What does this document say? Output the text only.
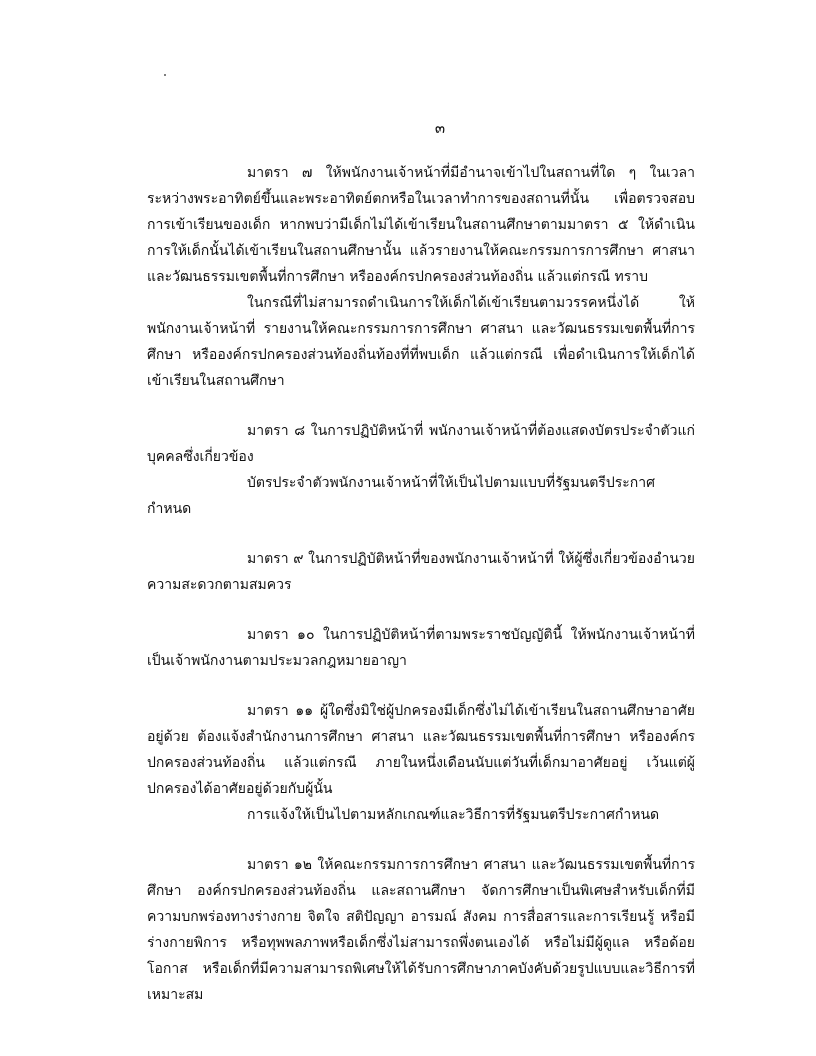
๓

มาตรา ๗ ให้พนักงานเจ้าหน้าที่มีอำนาจเข้าไปในสถานที่ใด ๆ ในเวลาระหว่างพระอาทิตย์ขึ้นและพระอาทิตย์ตกหรือในเวลาทำการของสถานที่นั้น เพื่อตรวจสอบการเข้าเรียนของเด็ก หากพบว่ามีเด็กไม่ได้เข้าเรียนในสถานศึกษาตามมาตรา ๕ ให้ดำเนินการให้เด็กนั้นได้เข้าเรียนในสถานศึกษานั้น แล้วรายงานให้คณะกรรมการการศึกษา ศาสนา และวัฒนธรรมเขตพื้นที่การศึกษา หรือองค์กรปกครองส่วนท้องถิ่น แล้วแต่กรณี ทราบ

ในกรณีที่ไม่สามารถดำเนินการให้เด็กได้เข้าเรียนตามวรรคหนึ่งได้ ให้พนักงานเจ้าหน้าที่ รายงานให้คณะกรรมการการศึกษา ศาสนา และวัฒนธรรมเขตพื้นที่การศึกษา หรือองค์กรปกครองส่วนท้องถิ่นท้องที่ที่พบเด็ก แล้วแต่กรณี เพื่อดำเนินการให้เด็กได้เข้าเรียนในสถานศึกษา

มาตรา ๘ ในการปฏิบัติหน้าที่ พนักงานเจ้าหน้าที่ต้องแสดงบัตรประจำตัวแก่บุคคลซึ่งเกี่ยวข้อง

บัตรประจำตัวพนักงานเจ้าหน้าที่ให้เป็นไปตามแบบที่รัฐมนตรีประกาศกำหนด

มาตรา ๙ ในการปฏิบัติหน้าที่ของพนักงานเจ้าหน้าที่ ให้ผู้ซึ่งเกี่ยวข้องอำนวยความสะดวกตามสมควร

มาตรา ๑๐ ในการปฏิบัติหน้าที่ตามพระราชบัญญัตินี้ ให้พนักงานเจ้าหน้าที่เป็นเจ้าพนักงานตามประมวลกฎหมายอาญา

มาตรา ๑๑ ผู้ใดซึ่งมิใช่ผู้ปกครองมีเด็กซึ่งไม่ได้เข้าเรียนในสถานศึกษาอาศัยอยู่ด้วย ต้องแจ้งสำนักงานการศึกษา ศาสนา และวัฒนธรรมเขตพื้นที่การศึกษา หรือองค์กรปกครองส่วนท้องถิ่น แล้วแต่กรณี ภายในหนึ่งเดือนนับแต่วันที่เด็กมาอาศัยอยู่ เว้นแต่ผู้ปกครองได้อาศัยอยู่ด้วยกับผู้นั้น

การแจ้งให้เป็นไปตามหลักเกณฑ์และวิธีการที่รัฐมนตรีประกาศกำหนด

มาตรา ๑๒ ให้คณะกรรมการการศึกษา ศาสนา และวัฒนธรรมเขตพื้นที่การศึกษา องค์กรปกครองส่วนท้องถิ่น และสถานศึกษา จัดการศึกษาเป็นพิเศษสำหรับเด็กที่มีความบกพร่องทางร่างกาย จิตใจ สติปัญญา อารมณ์ สังคม การสื่อสารและการเรียนรู้ หรือมีร่างกายพิการ หรือทุพพลภาพหรือเด็กซึ่งไม่สามารถพึ่งตนเองได้ หรือไม่มีผู้ดูแล หรือด้อยโอกาส หรือเด็กที่มีความสามารถพิเศษให้ได้รับการศึกษาภาคบังคับด้วยรูปแบบและวิธีการที่เหมาะสม
